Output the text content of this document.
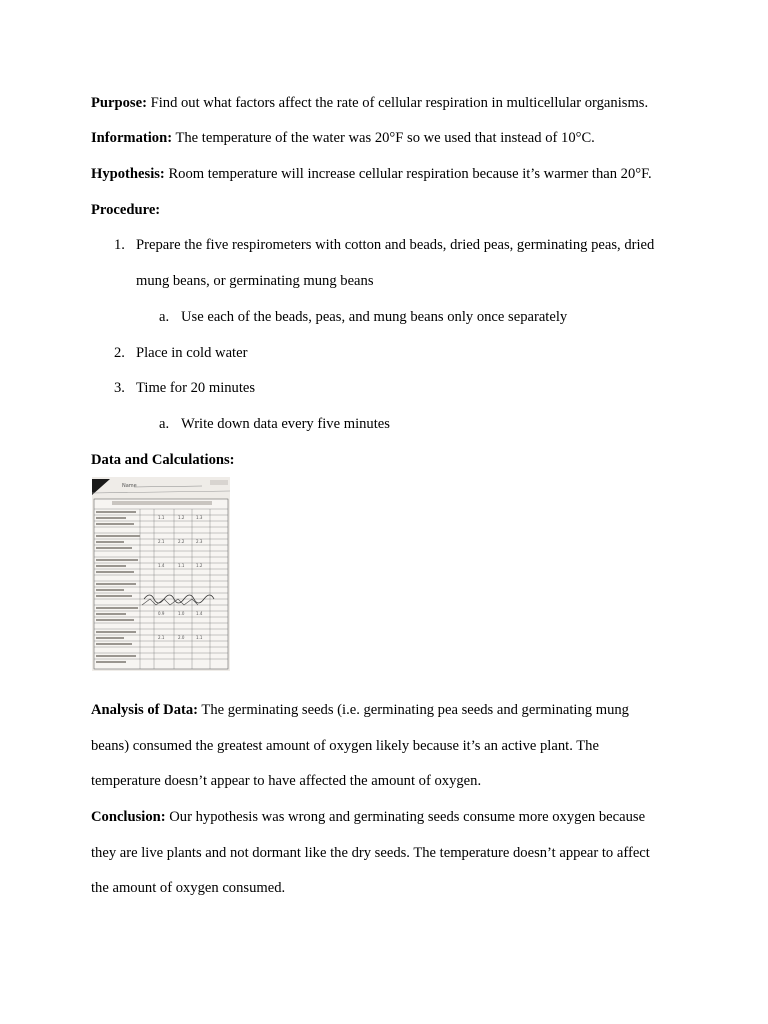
Purpose: Find out what factors affect the rate of cellular respiration in multicellular organisms.
Information: The temperature of the water was 20°F so we used that instead of 10°C.
Hypothesis: Room temperature will increase cellular respiration because it’s warmer than 20°F.
Procedure:
1. Prepare the five respirometers with cotton and beads, dried peas, germinating peas, dried
mung beans, or germinating mung beans
a. Use each of the beads, peas, and mung beans only once separately
2. Place in cold water
3. Time for 20 minutes
a. Write down data every five minutes
Data and Calculations:
Name
1.1	1.2	1.3
2.1	2.2	2.3
1.4	1.1	1.2
0.9	1.0	1.4
2.1	2.0	1.1
Analysis of Data: The germinating seeds (i.e. germinating pea seeds and germinating mung
beans) consumed the greatest amount of oxygen likely because it’s an active plant. The
temperature doesn’t appear to have affected the amount of oxygen.
Conclusion: Our hypothesis was wrong and germinating seeds consume more oxygen because
they are live plants and not dormant like the dry seeds. The temperature doesn’t appear to affect
the amount of oxygen consumed.
